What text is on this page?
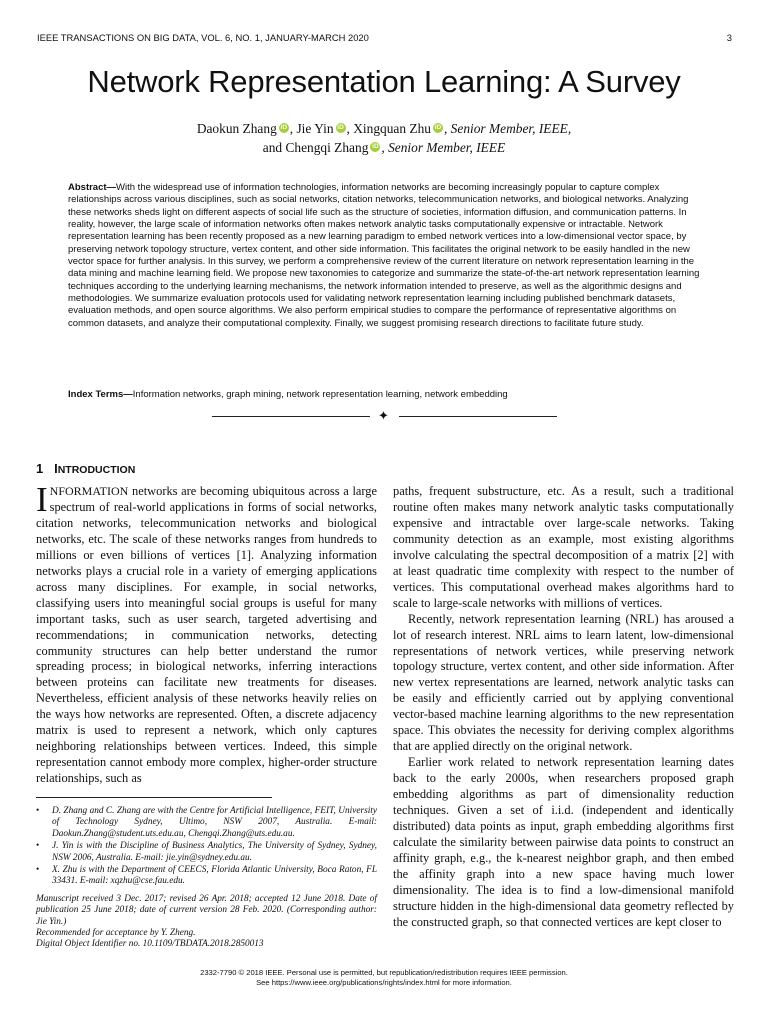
IEEE TRANSACTIONS ON BIG DATA, VOL. 6, NO. 1, JANUARY-MARCH 2020	3
Network Representation Learning: A Survey
Daokun Zhang iD , Jie Yin iD , Xingquan Zhu iD , Senior Member, IEEE,
and Chengqi Zhang iD , Senior Member, IEEE
Abstract—With the widespread use of information technologies, information networks are becoming increasingly popular to capture complex relationships across various disciplines, such as social networks, citation networks, telecommunication networks, and biological networks. Analyzing these networks sheds light on different aspects of social life such as the structure of societies, information diffusion, and communication patterns. In reality, however, the large scale of information networks often makes network analytic tasks computationally expensive or intractable. Network representation learning has been recently proposed as a new learning paradigm to embed network vertices into a low-dimensional vector space, by preserving network topology structure, vertex content, and other side information. This facilitates the original network to be easily handled in the new vector space for further analysis. In this survey, we perform a comprehensive review of the current literature on network representation learning in the data mining and machine learning field. We propose new taxonomies to categorize and summarize the state-of-the-art network representation learning techniques according to the underlying learning mechanisms, the network information intended to preserve, as well as the algorithmic designs and methodologies. We summarize evaluation protocols used for validating network representation learning including published benchmark datasets, evaluation methods, and open source algorithms. We also perform empirical studies to compare the performance of representative algorithms on common datasets, and analyze their computational complexity. Finally, we suggest promising research directions to facilitate future study.
Index Terms—Information networks, graph mining, network representation learning, network embedding
✦
1 INTRODUCTION

INFORMATION networks are becoming ubiquitous across a large spectrum of real-world applications in forms of social networks, citation networks, telecommunication networks and biological networks, etc. The scale of these networks ranges from hundreds to millions or even billions of vertices [1]. Analyzing information networks plays a crucial role in a variety of emerging applications across many disciplines. For example, in social networks, classifying users into meaningful social groups is useful for many important tasks, such as user search, targeted advertising and recommendations; in communication networks, detecting community structures can help better understand the rumor spreading process; in biological networks, inferring interactions between proteins can facilitate new treatments for diseases. Nevertheless, efficient analysis of these networks heavily relies on the ways how networks are represented. Often, a discrete adjacency matrix is used to represent a network, which only captures neighboring relationships between vertices. Indeed, this simple representation cannot embody more complex, higher-order structure relationships, such as

paths, frequent substructure, etc. As a result, such a traditional routine often makes many network analytic tasks computationally expensive and intractable over large-scale networks. Taking community detection as an example, most existing algorithms involve calculating the spectral decomposition of a matrix [2] with at least quadratic time complexity with respect to the number of vertices. This computational overhead makes algorithms hard to scale to large-scale networks with millions of vertices.

Recently, network representation learning (NRL) has aroused a lot of research interest. NRL aims to learn latent, low-dimensional representations of network vertices, while preserving network topology structure, vertex content, and other side information. After new vertex representations are learned, network analytic tasks can be easily and efficiently carried out by applying conventional vector-based machine learning algorithms to the new representation space. This obviates the necessity for deriving complex algorithms that are applied directly on the original network.

Earlier work related to network representation learning dates back to the early 2000s, when researchers proposed graph embedding algorithms as part of dimensionality reduction techniques. Given a set of i.i.d. (independent and identically distributed) data points as input, graph embedding algorithms first calculate the similarity between pairwise data points to construct an affinity graph, e.g., the k-nearest neighbor graph, and then embed the affinity graph into a new space having much lower dimensionality. The idea is to find a low-dimensional manifold structure hidden in the high-dimensional data geometry reflected by the constructed graph, so that connected vertices are kept closer to

• D. Zhang and C. Zhang are with the Centre for Artificial Intelligence, FEIT, University of Technology Sydney, Ultimo, NSW 2007, Australia. E-mail: Daokun.Zhang@student.uts.edu.au, Chengqi.Zhang@uts.edu.au.
• J. Yin is with the Discipline of Business Analytics, The University of Sydney, Sydney, NSW 2006, Australia. E-mail: jie.yin@sydney.edu.au.
• X. Zhu is with the Department of CEECS, Florida Atlantic University, Boca Raton, FL 33431. E-mail: xqzhu@cse.fau.edu.
Manuscript received 3 Dec. 2017; revised 26 Apr. 2018; accepted 12 June 2018. Date of publication 25 June 2018; date of current version 28 Feb. 2020. (Corresponding author: Jie Yin.)
Recommended for acceptance by Y. Zheng.
Digital Object Identifier no. 10.1109/TBDATA.2018.2850013
2332-7790 © 2018 IEEE. Personal use is permitted, but republication/redistribution requires IEEE permission.
See https://www.ieee.org/publications/rights/index.html for more information.
